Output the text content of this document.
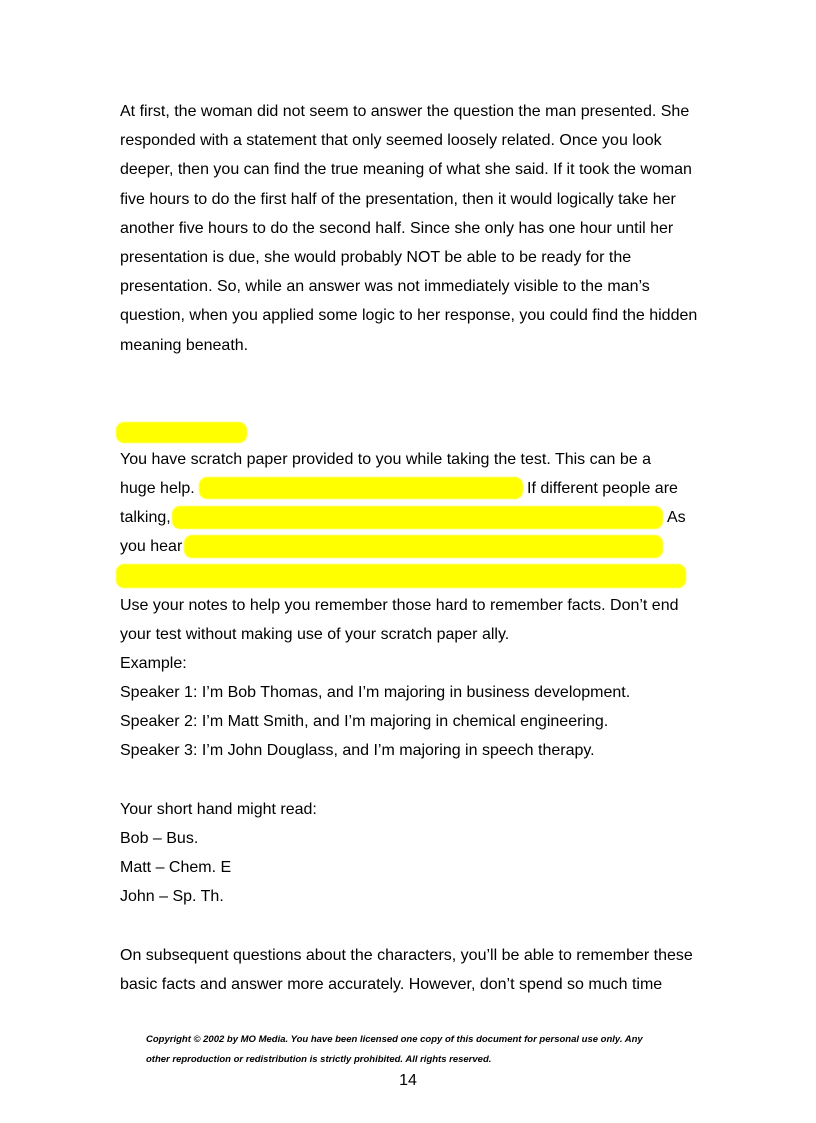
At first, the woman did not seem to answer the question the man presented. She responded with a statement that only seemed loosely related. Once you look deeper, then you can find the true meaning of what she said. If it took the woman five hours to do the first half of the presentation, then it would logically take her another five hours to do the second half. Since she only has one hour until her presentation is due, she would probably NOT be able to be ready for the presentation. So, while an answer was not immediately visible to the man’s question, when you applied some logic to her response, you could find the hidden meaning beneath.

You have scratch paper provided to you while taking the test. This can be a
huge help.	If different people are
talking,	As
you hear
Use your notes to help you remember those hard to remember facts. Don’t end
your test without making use of your scratch paper ally.
Example:
Speaker 1: I’m Bob Thomas, and I’m majoring in business development.
Speaker 2: I’m Matt Smith, and I’m majoring in chemical engineering.
Speaker 3: I’m John Douglass, and I’m majoring in speech therapy.
Your short hand might read:
Bob – Bus.
Matt – Chem. E
John – Sp. Th.
On subsequent questions about the characters, you’ll be able to remember these
basic facts and answer more accurately. However, don’t spend so much time
Copyright © 2002 by MO Media. You have been licensed one copy of this document for personal use only. Any
other reproduction or redistribution is strictly prohibited. All rights reserved.
14
